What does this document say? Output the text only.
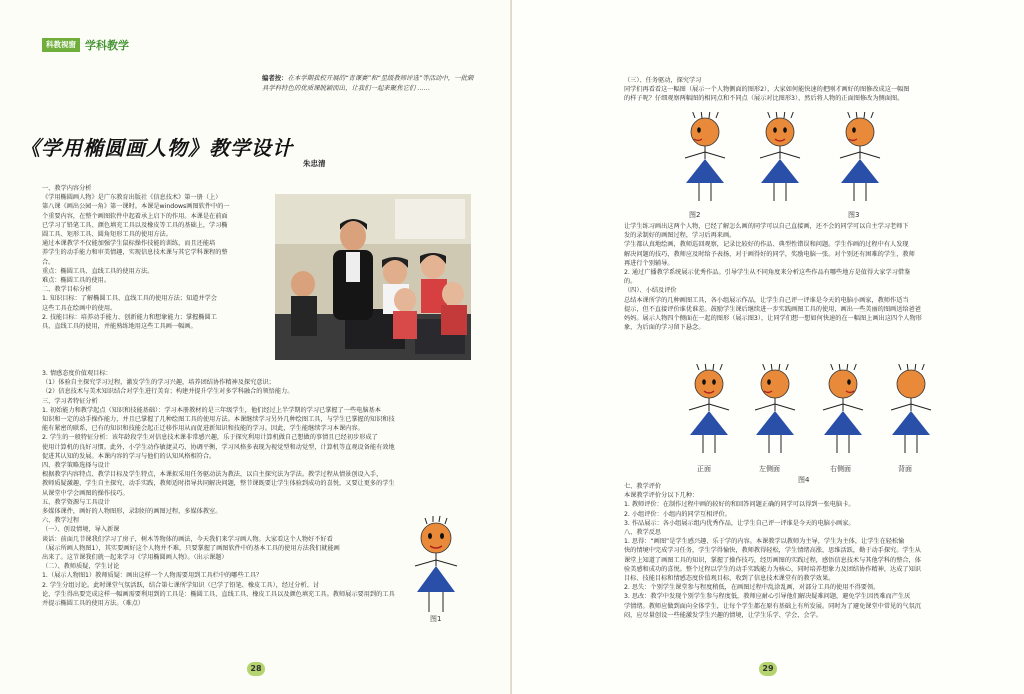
科教视窗 学科教学
编者按：在本学期我校开展的“青课赛”和“星级教师评选”等活动中，一批颇具学科特色的优质课脱颖而出，让我们一起来聚焦它们 ……
《学用椭圆画人物》教学设计
朱忠清

一、教学内容分析

《学用椭圆画人物》是广东教育出版社《信息技术》第一册（上）

第八课《画出公园一角》第一课时。本课是windows画图软件中的一

个重要内容，在整个画图软件中起着承上启下的作用。本课是在前面

已学习了铅笔工具、颜色填充工具以及橡皮等工具的基础上，学习椭

圆工具、矩形工具、圆角矩形工具的使用方法。

通过本课教学不仅能加强学生鼠标操作技能的训练，而且还能培

养学生的动手能力和审美情趣，实现信息技术课与其它学科课程的整

合。

重点：椭圆工具、直线工具的使用方法。

难点：椭圆工具的使用。

二、教学目标分析

1. 知识目标：了解椭圆工具、直线工具的使用方法；知道并学会

这些工具在绘画中的使用。

2. 技能目标：培养动手能力、创新能力和想象能力；掌握椭圆工

具、直线工具的使用，并能熟练地用这些工具画一幅画。

3. 情感态度价值观目标：

（1）体验自主探究学习过程，激发学生的学习兴趣，培养团结协作精神及探究意识；

（2）信息技术与美术知识结合对学生进行美育；构建并提升学生对多学科融合的领悟能力。

三、学习者特征分析

1. 初始能力和教学起点（知识和技能基础）：学习本册教材的是三年级学生，他们经过上半学期的学习已掌握了一些电脑基本

知识和一定的动手操作能力，并且已掌握了几种绘图工具的使用方法。本课继续学习另外几种绘图工具，与学生已掌握的知识和技

能有紧密的联系，已有的知识和技能会起正迁移作用从而促进新知识和技能的学习。因此，学生能继续学习本课内容。

2. 学生的一般特征分析：该年龄段学生对信息技术课非常感兴趣，乐于探究利用计算机做自己想做的事情且已经初步形成了

使用计算机的良好习惯。此外，小学生动作敏捷灵巧、协调平衡，学习风格多表现为视觉型和动觉型，计算机等直观设备能有效地

促进其认知的发展。本课内容的学习与他们的认知风格相符合。

四、教学策略选择与设计

根据教学内容特点、教学目标及学生特点，本课拟采用任务驱动法为教法，以自主探究法为学法。教学过程从情景创设入手，

教师质疑激趣，学生自主探究、动手实践，教师适时指导共同解决问题，整节课既要让学生体验到成功的喜悦，又要让更多的学生

从课堂中学会画图的操作技巧。

五、教学资源与工具设计

多媒体课件，画好的人物图形，录制好的画图过程，多媒体教室。

六、教学过程

（一）、创设情境，导入新课

谈话：前面几节课我们学习了房子，树木等物体的画法，今天我们来学习画人物。大家看这个人物好不好看

（展示所画人物图1），其实要画好这个人物并不难，只要掌握了画图软件中的基本工具的使用方法我们就能画

出来了。这节课我们就一起来学习《学用椭圆画人物》。（出示课题）

（二）、教师质疑，学生讨论

1.（展示人物图1）教师质疑：画出这样一个人物需要用到工具栏中的哪些工具？

2. 学生分组讨论。此时课堂气氛活跃，结合第七课所学知识（已学了铅笔、橡皮工具），经过分析、讨

论，学生得出要完成这样一幅画需要利用到的工具是：椭圆工具、直线工具、橡皮工具以及颜色填充工具。教师展示要用到的工具

并提示椭圆工具的使用方法。（难点）

图1
28

（三）、任务驱动，探究学习

同学们再看看这一幅图（展示一个人物侧面的图形2），大家如何能快速的把刚才画好的图修改成这一幅图

的样子呢？仔细观察两幅图的相同点和不同点（展示对比图形3），然后将人物的正面图修改为侧面图。

图2	图3

让学生练习画出这两个人物，已经了解怎么画的同学可以自己直接画，还不会的同学可以自主学习老师下

发的录制好的画图过程，学习后再来画。

学生都认真地绘画，教师巡回观察，记录比较好的作品、典型性错误和问题。学生作画的过程中有人发现

解决问题的技巧，教师应及时给予表扬，对于画得好的同学，奖励电脑一张。对个别还有困难的学生，教师

再进行个别辅导。

2. 通过广播教学系统展示优秀作品。引导学生从不同角度来分析这些作品有哪些地方是值得大家学习借鉴

的。

（四）、小结及评价

总结本课所学的几种画图工具，各小组展示作品，让学生自己评一评谁是今天的电脑小画家，教师作适当

提示，但不直接评价谁优谁差。鼓励学生课后继续进一步实践画图工具的使用，画出一些美丽的图画送给爸爸

妈妈。展示人物四个侧面在一起的图形（展示图3），让同学们想一想如何快速的在一幅图上画出这四个人物形

象，为后面的学习留下悬念。

正面	左侧面	右侧面	背面
图4

七、教学评价

本课教学评价分以下几种：

1. 教师评价：在制作过程中画的较好的和回答问题正确的同学可以得到一张电脑卡。

2. 小组评价：小组内的同学互相评价。

3. 作品展示：各小组展示组内优秀作品，让学生自己评一评谁是今天的电脑小画家。

八、教学反思

1. 思得：“画图”是学生感兴趣、乐于学的内容。本课教学以教师为主导，学生为主体，让学生在轻松愉

快的情境中完成学习任务，学生学得愉快，教师教得轻松，学生情绪高涨，思维活跃，勤于动手探究。学生从

课堂上知道了画图工具的知识，掌握了操作技巧，经历画图的实践过程，感悟信息技术与其他学科的整合，体

验美感和成功的喜悦。整个过程以学生的动手实践能力为核心，同时培养想象力及团结协作精神，达成了知识

目标、技能目标和情感态度价值观目标，收到了信息技术课堂有的教学效果。

2. 思失：个别学生课堂参与程度稍低，在画图过程中乱涂乱画，对部分工具的使用不得要领。

3. 思改：教学中发现个别学生参与程度低，教师应耐心引导他们解决疑难问题，避免学生因畏难而产生厌

学情绪。教师应做到面向全体学生，让每个学生都在原有基础上有所发展。同时为了避免课堂中常见的气氛沉

闷，应尽量创设一些能激发学生兴趣的情境，让学生乐学、学会、会学。

29
